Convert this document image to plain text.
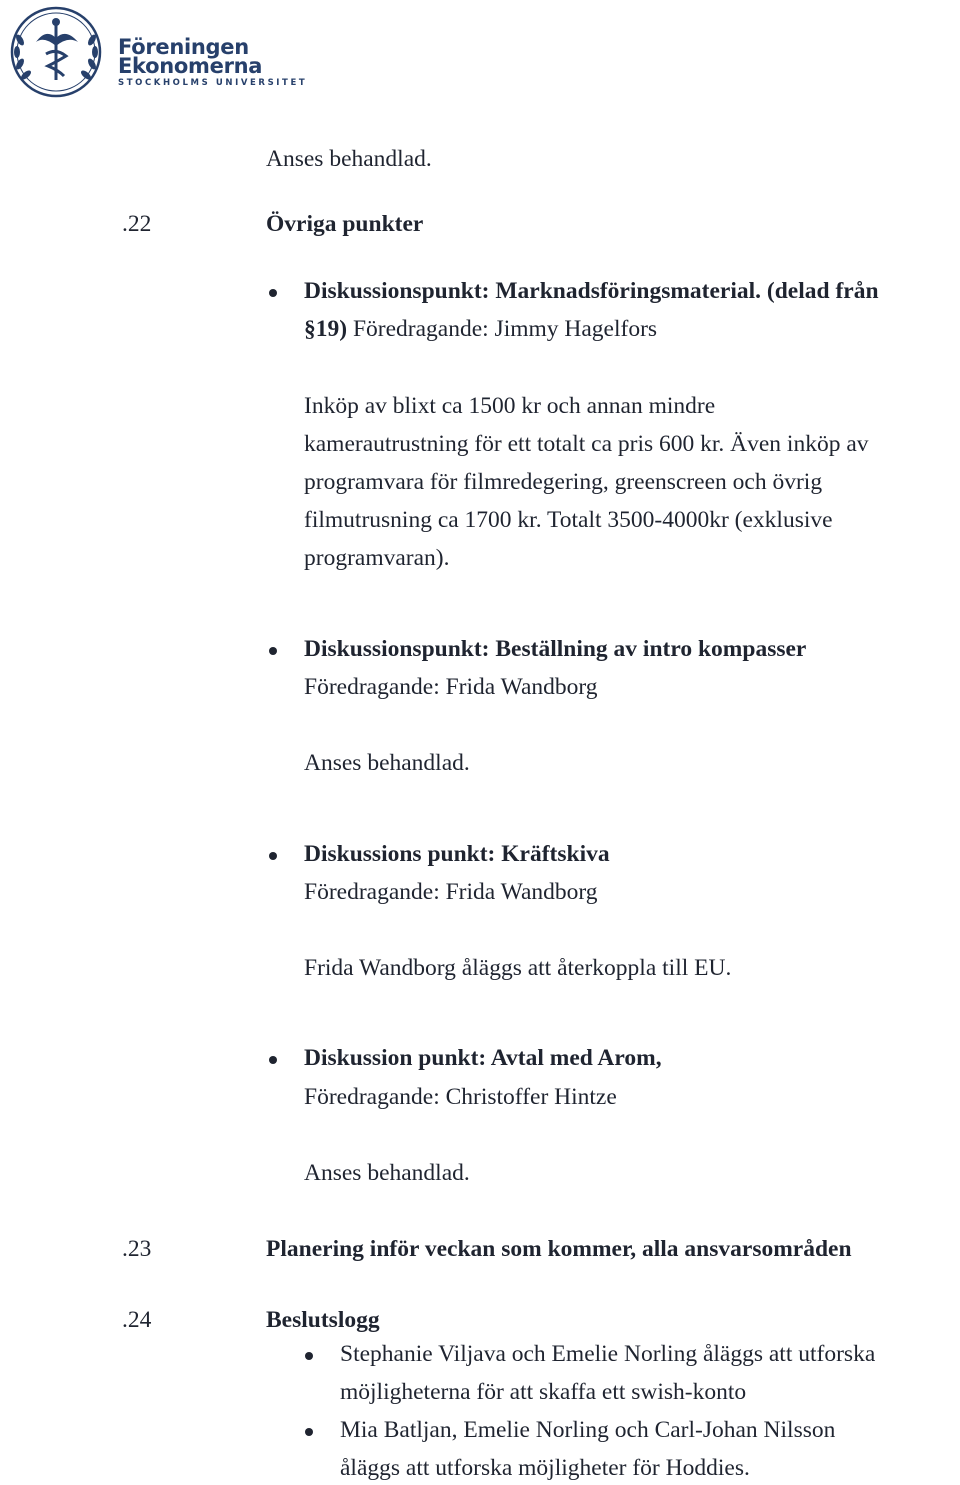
Föreningen
Ekonomerna
STOCKHOLMS UNIVERSITET
Anses behandlad.
.22	Övriga punkter
Diskussionspunkt: Marknadsföringsmaterial. (delad från
§19) Föredragande: Jimmy Hagelfors
Inköp av blixt ca 1500 kr och annan mindre
kamerautrustning för ett totalt ca pris 600 kr. Även inköp av
programvara för filmredegering, greenscreen och övrig
filmutrusning ca 1700 kr. Totalt 3500-4000kr (exklusive
programvaran).
Diskussionspunkt: Beställning av intro kompasser
Föredragande: Frida Wandborg
Anses behandlad.
Diskussions punkt: Kräftskiva
Föredragande: Frida Wandborg
Frida Wandborg åläggs att återkoppla till EU.
Diskussion punkt: Avtal med Arom,
Föredragande: Christoffer Hintze
Anses behandlad.
.23	Planering inför veckan som kommer, alla ansvarsområden
.24	Beslutslogg
Stephanie Viljava och Emelie Norling åläggs att utforska
möjligheterna för att skaffa ett swish-konto
Mia Batljan, Emelie Norling och Carl-Johan Nilsson
åläggs att utforska möjligheter för Hoddies.
